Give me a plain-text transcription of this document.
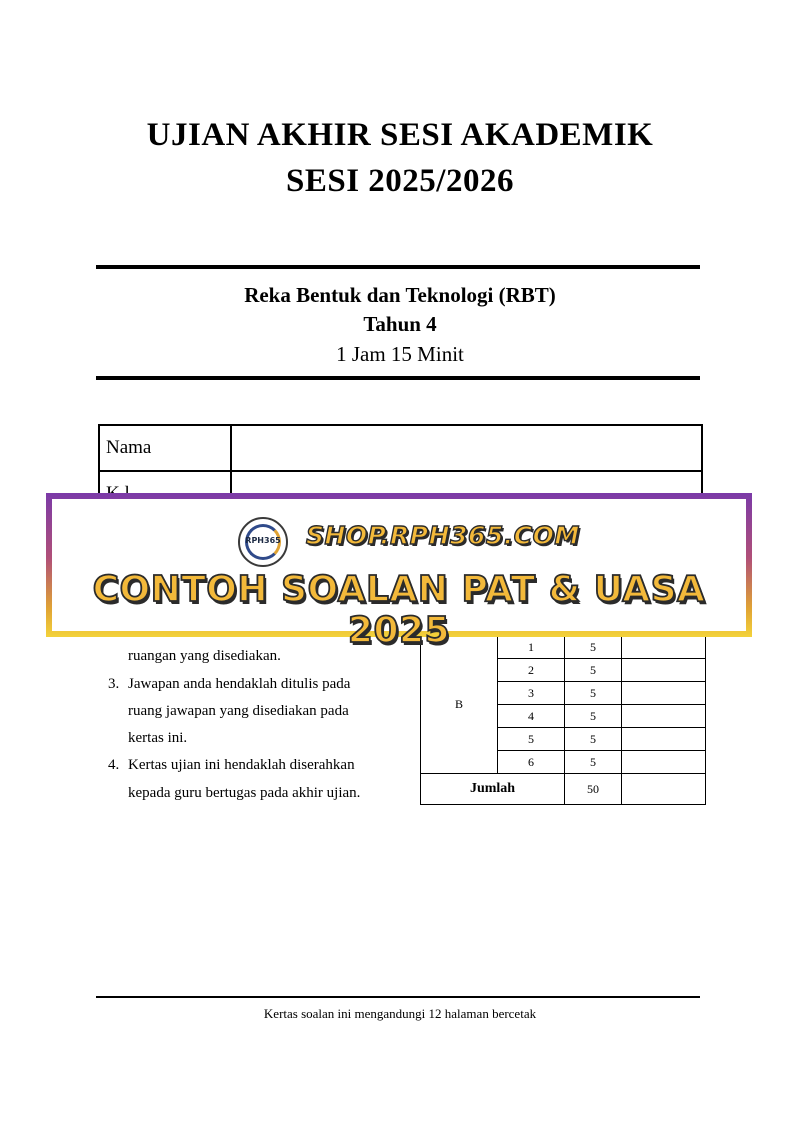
UJIAN AKHIR SESI AKADEMIK
SESI 2025/2026
Reka Bentuk dan Teknologi (RBT)
Tahun 4
1 Jam 15 Minit
Nama	

ruangan yang disediakan.
3. Jawapan anda hendaklah ditulis pada
ruang jawapan yang disediakan pada
kertas ini.
4. Kertas ujian ini hendaklah diserahkan
kepada guru bertugas pada akhir ujian.

B	1	5	
	2	5	
	3	5	
	4	5	
	5	5	
	6	5	
Jumlah		50	
RPH365 SHOP.RPH365.COM
CONTOH SOALAN PAT & UASA 2025
Kertas soalan ini mengandungi 12 halaman bercetak
